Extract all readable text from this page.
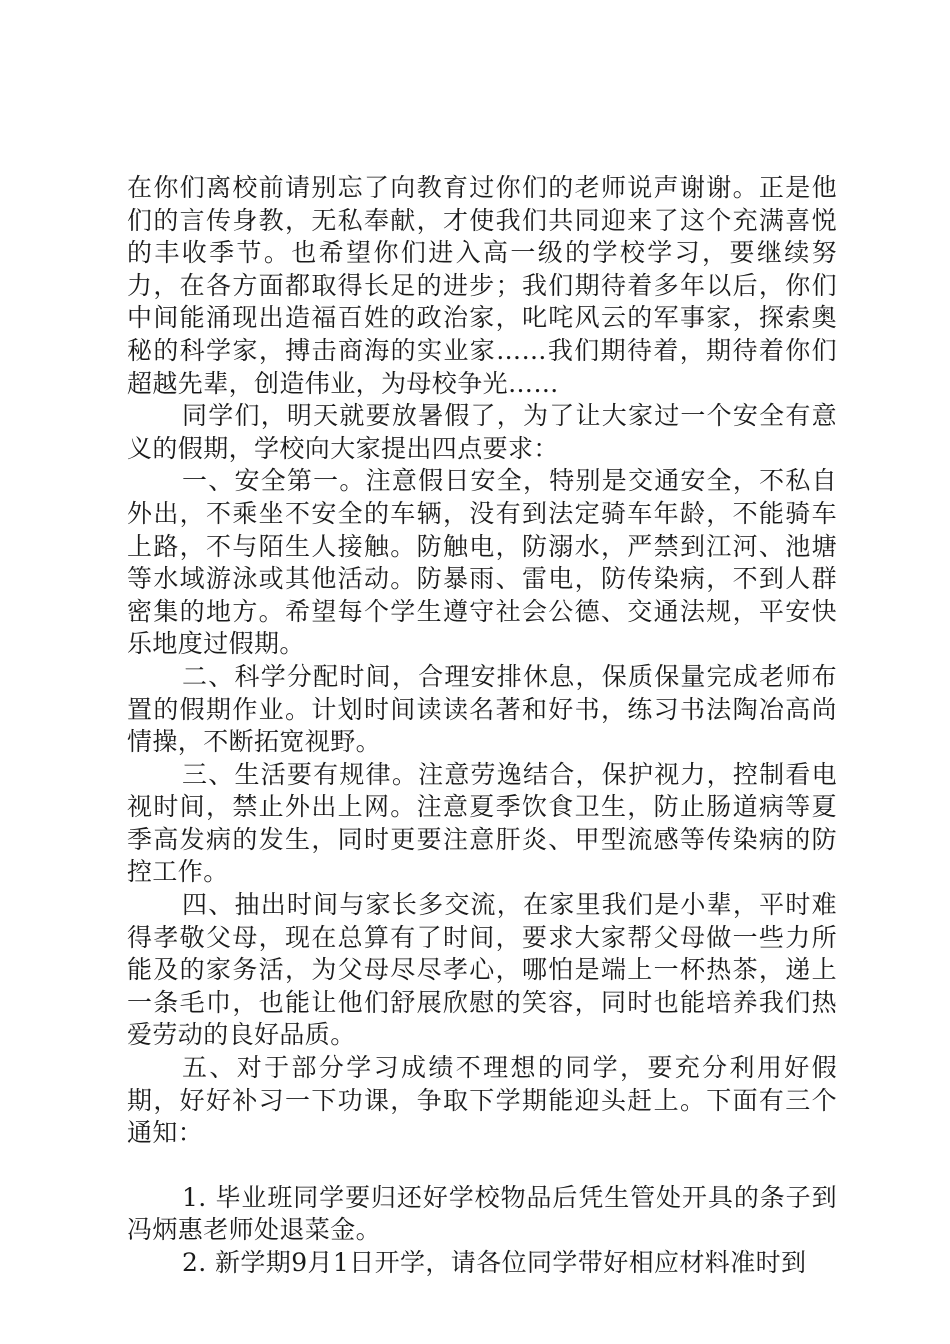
在你们离校前请别忘了向教育过你们的老师说声谢谢。正是他们的言传身教，无私奉献，才使我们共同迎来了这个充满喜悦的丰收季节。也希望你们进入高一级的学校学习，要继续努力，在各方面都取得长足的进步；我们期待着多年以后，你们中间能涌现出造福百姓的政治家，叱咤风云的军事家，探索奥秘的科学家，搏击商海的实业家……我们期待着，期待着你们超越先辈，创造伟业，为母校争光……

同学们，明天就要放暑假了，为了让大家过一个安全有意义的假期，学校向大家提出四点要求：

一、安全第一。注意假日安全，特别是交通安全，不私自外出，不乘坐不安全的车辆，没有到法定骑车年龄，不能骑车上路，不与陌生人接触。防触电，防溺水，严禁到江河、池塘等水域游泳或其他活动。防暴雨、雷电，防传染病，不到人群密集的地方。希望每个学生遵守社会公德、交通法规，平安快乐地度过假期。

二、科学分配时间，合理安排休息，保质保量完成老师布置的假期作业。计划时间读读名著和好书，练习书法陶冶高尚情操，不断拓宽视野。

三、生活要有规律。注意劳逸结合，保护视力，控制看电视时间，禁止外出上网。注意夏季饮食卫生，防止肠道病等夏季高发病的发生，同时更要注意肝炎、甲型流感等传染病的防控工作。

四、抽出时间与家长多交流，在家里我们是小辈，平时难得孝敬父母，现在总算有了时间，要求大家帮父母做一些力所能及的家务活，为父母尽尽孝心，哪怕是端上一杯热茶，递上一条毛巾，也能让他们舒展欣慰的笑容，同时也能培养我们热爱劳动的良好品质。

五、对于部分学习成绩不理想的同学，要充分利用好假期，好好补习一下功课，争取下学期能迎头赶上。下面有三个通知：

1. 毕业班同学要归还好学校物品后凭生管处开具的条子到冯炳惠老师处退菜金。

2. 新学期9月1日开学，请各位同学带好相应材料准时到
